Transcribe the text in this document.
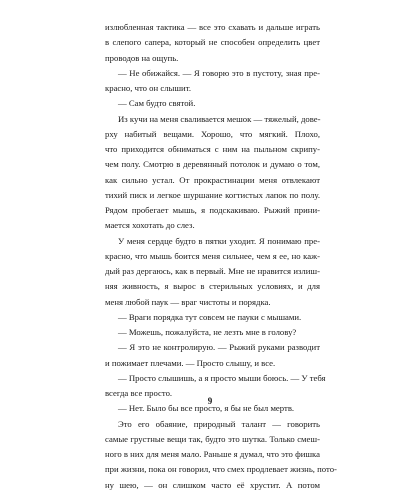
излюбленная тактика — все это схавать и дальше играть
в слепого сапера, который не способен определить цвет
проводов на ощупь.
— Не обижайся. — Я говорю это в пустоту, зная пре-
красно, что он слышит.
— Сам будто святой.
Из кучи на меня сваливается мешок — тяжелый, дове-
рху набитый вещами. Хорошо, что мягкий. Плохо,
что приходится обниматься с ним на пыльном скрипу-
чем полу. Смотрю в деревянный потолок и думаю о том,
как сильно устал. От прокрастинации меня отвлекают
тихий писк и легкое шуршание когтистых лапок по полу.
Рядом пробегает мышь, я подскакиваю. Рыжий прини-
мается хохотать до слез.
У меня сердце будто в пятки уходит. Я понимаю пре-
красно, что мышь боится меня сильнее, чем я ее, но каж-
дый раз дергаюсь, как в первый. Мне не нравится излиш-
няя живность, я вырос в стерильных условиях, и для
меня любой паук — враг чистоты и порядка.
— Враги порядка тут совсем не пауки с мышами.
— Можешь, пожалуйста, не лезть мне в голову?
— Я это не контролирую. — Рыжий руками разводит
и пожимает плечами. — Просто слышу, и все.
— Просто слышишь, а я просто мыши боюсь. — У тебя
всегда все просто.
— Нет. Было бы все просто, я бы не был мертв.
Это его обаяние, природный талант — говорить
самые грустные вещи так, будто это шутка. Только смеш-
ного в них для меня мало. Раньше я думал, что это фишка
при жизни, пока он говорил, что смех продлевает жизнь, пото-
ну шею, — он слишком часто её хрустит. А потом
9
